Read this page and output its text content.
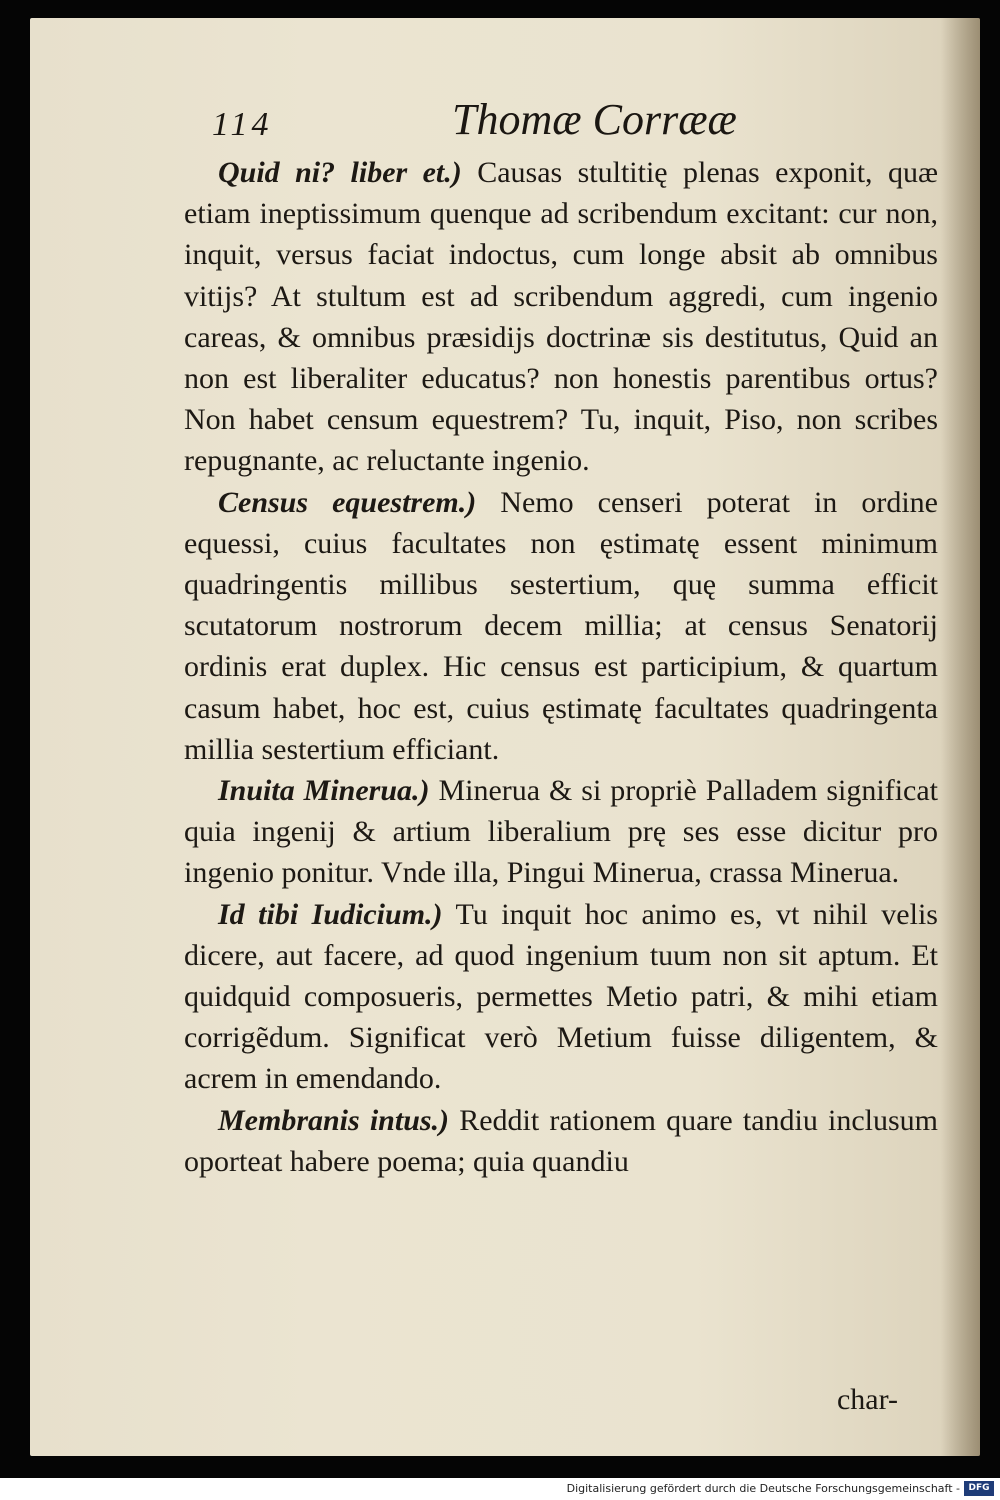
114	Thomæ Corrææ

Quid ni? liber et.) Causas stultitię plenas exponit, quæ etiam ineptissimum quenque ad scribendum excitant: cur non, inquit, versus faciat indoctus, cum longe absit ab omnibus vitijs? At stultum est ad scribendum aggredi, cum ingenio careas, & omnibus præsidijs doctrinæ sis destitutus, Quid an non est liberaliter educatus? non honestis parentibus ortus? Non habet censum equestrem? Tu, inquit, Piso, non scribes repugnante, ac reluctante ingenio.

Census equestrem.) Nemo censeri poterat in ordine equessi, cuius facultates non ęstimatę essent minimum quadringentis millibus sestertium, quę summa efficit scutatorum nostrorum decem millia; at census Senatorij ordinis erat duplex. Hic census est participium, & quartum casum habet, hoc est, cuius ęstimatę facultates quadringenta millia sestertium efficiant.

Inuita Minerua.) Minerua & si propriè Palladem significat quia ingenij & artium liberalium prę ses esse dicitur pro ingenio ponitur. Vnde illa, Pingui Minerua, crassa Minerua.

Id tibi Iudicium.) Tu inquit hoc animo es, vt nihil velis dicere, aut facere, ad quod ingenium tuum non sit aptum. Et quidquid composueris, permettes Metio patri, & mihi etiam corrigẽdum. Significat verò Metium fuisse diligentem, & acrem in emendando.

Membranis intus.) Reddit rationem quare tandiu inclusum oporteat habere poema; quia quandiu

char-
Digitalisierung gefördert durch die Deutsche Forschungsgemeinschaft - DFG
